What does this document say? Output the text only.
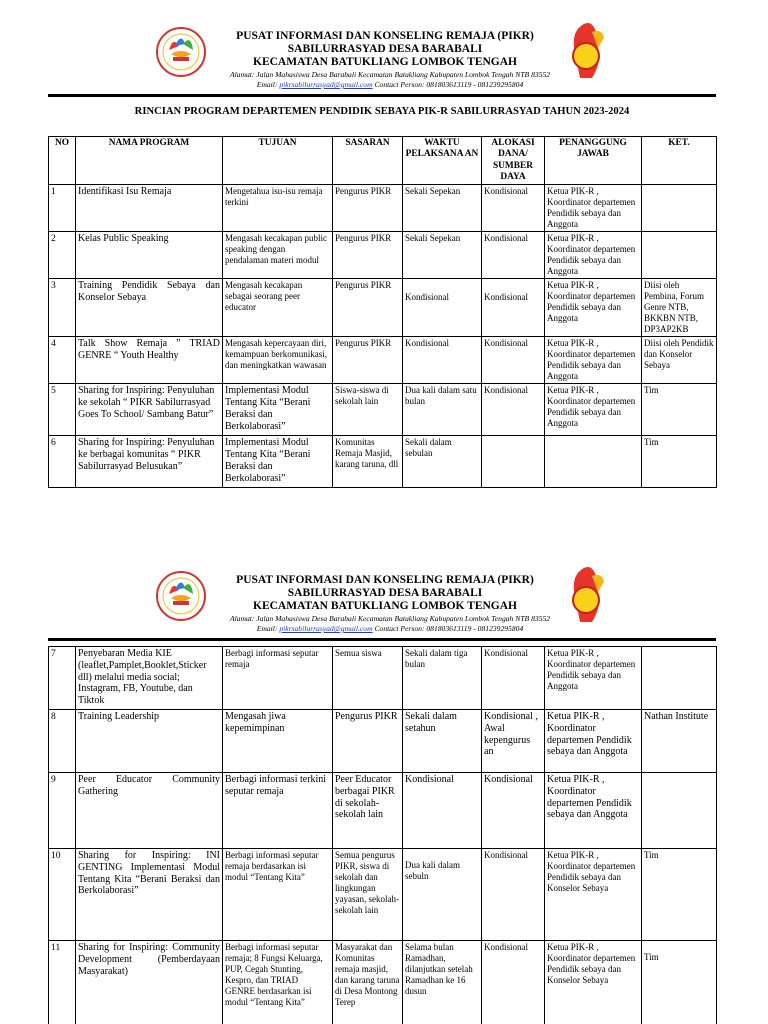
PUSAT INFORMASI DAN KONSELING REMAJA (PIKR)
SABILURRASYAD DESA BARABALI
KECAMATAN BATUKLIANG LOMBOK TENGAH
Alamat: Jalan Mahasiswa Desa Barabali Kecamatan Batukliang Kabupaten Lombok Tengah NTB 83552
Email: pikrsabilurrasyad@gmail.com Contact Person: 081803613119 - 081239295804
RINCIAN PROGRAM DEPARTEMEN PENDIDIK SEBAYA PIK-R SABILURRASYAD TAHUN 2023-2024
NO	NAMA PROGRAM	TUJUAN	SASARAN	WAKTU PELAKSANA AN	ALOKASI DANA/ SUMBER DAYA	PENANGGUNG JAWAB	KET.
1	Identifikasi Isu Remaja	Mengetahua isu-isu remaja terkini	Pengurus PIKR	Sekali Sepekan	Kondisional	Ketua PIK-R , Koordinator departemen Pendidik sebaya dan Anggota	
2	Kelas Public Speaking	Mengasah kecakapan public speaking dengan pendalaman materi modul	Pengurus PIKR	Sekali Sepekan	Kondisional	Ketua PIK-R , Koordinator departemen Pendidik sebaya dan Anggota	
3	Training Pendidik Sebaya dan Konselor Sebaya	Mengasah kecakapan sebagai seorang peer educator	Pengurus PIKR	Kondisional	Kondisional	Ketua PIK-R , Koordinator departemen Pendidik sebaya dan Anggota	Diisi oleh Pembina, Forum Genre NTB, BKKBN NTB, DP3AP2KB
4	Talk Show Remaja ” TRIAD GENRE “ Youth Healthy	Mengasah kepercayaan diri, kemampuan berkomunikasi, dan meningkatkan wawasan	Pengurus PIKR	Kondisional	Kondisional	Ketua PIK-R , Koordinator departemen Pendidik sebaya dan Anggota	Diisi oleh Pendidik dan Konselor Sebaya
5	Sharing for Inspiring: Penyuluhan ke sekolah “ PIKR Sabilurrasyad Goes To School/ Sambang Batur”	Implementasi Modul Tentang Kita “Berani Beraksi dan Berkolaborasi”	Siswa-siswa di sekolah lain	Dua kali dalam satu bulan	Kondisional	Ketua PIK-R , Koordinator departemen Pendidik sebaya dan Anggota	Tim
6	Sharing for Inspiring: Penyuluhan ke berbagai komunitas “ PIKR Sabilurrasyad Belusukan”	Implementasi Modul Tentang Kita “Berani Beraksi dan Berkolaborasi”	Komunitas Remaja Masjid, karang taruna, dll	Sekali dalam sebulan			Tim
PUSAT INFORMASI DAN KONSELING REMAJA (PIKR)
SABILURRASYAD DESA BARABALI
KECAMATAN BATUKLIANG LOMBOK TENGAH
Alamat: Jalan Mahasiswa Desa Barabali Kecamatan Batukliang Kabupaten Lombok Tengah NTB 83552
Email: pikrsabilurrasyad@gmail.com Contact Person: 081803613119 - 081239295804
7	Penyebaran Media KIE (leaflet,Pamplet,Booklet,Sticker dll) melalui media social; Instagram, FB, Youtube, dan Tiktok	Berbagi informasi seputar remaja	Semua siswa	Sekali dalam tiga bulan	Kondisional	Ketua PIK-R , Koordinator departemen Pendidik sebaya dan Anggota	
8	Training Leadership	Mengasah jiwa kepemimpinan	Pengurus PIKR	Sekali dalam setahun	Kondisional , Awal kepengurus an	Ketua PIK-R , Koordinator departemen Pendidik sebaya dan Anggota	Nathan Institute
9	Peer Educator Community Gathering	Berbagi informasi terkini seputar remaja	Peer Educator berbagai PIKR di sekolah-sekolah lain	Kondisional	Kondisional	Ketua PIK-R , Koordinator departemen Pendidik sebaya dan Anggota	
10	Sharing for Inspiring: INI GENTING Implementasi Modul Tentang Kita “Berani Beraksi dan Berkolaborasi”	Berbagi informasi seputar remaja berdasarkan isi modul “Tentang Kita”	Semua pengurus PIKR, siswa di sekolah dan lingkungan yayasan, sekolah-sekolah lain	Dua kali dalam sebuln	Kondisional	Ketua PIK-R , Koordinator departemen Pendidik sebaya dan Konselor Sebaya	Tim
11	Sharing for Inspiring: Community Development (Pemberdayaan Masyarakat)	Berbagi informasi seputar remaja; 8 Fungsi Keluarga, PUP, Cegah Stunting, Kespro, dan TRIAD GENRE berdasarkan isi modul “Tentang Kita”	Masyarakat dan Komunitas remaja masjid, dan karang taruna di Desa Montong Terep	Selama bulan Ramadhan, dilanjutkan setelah Ramadhan ke 16 dusun	Kondisional	Ketua PIK-R , Koordinator departemen Pendidik sebaya dan Konselor Sebaya	Tim
